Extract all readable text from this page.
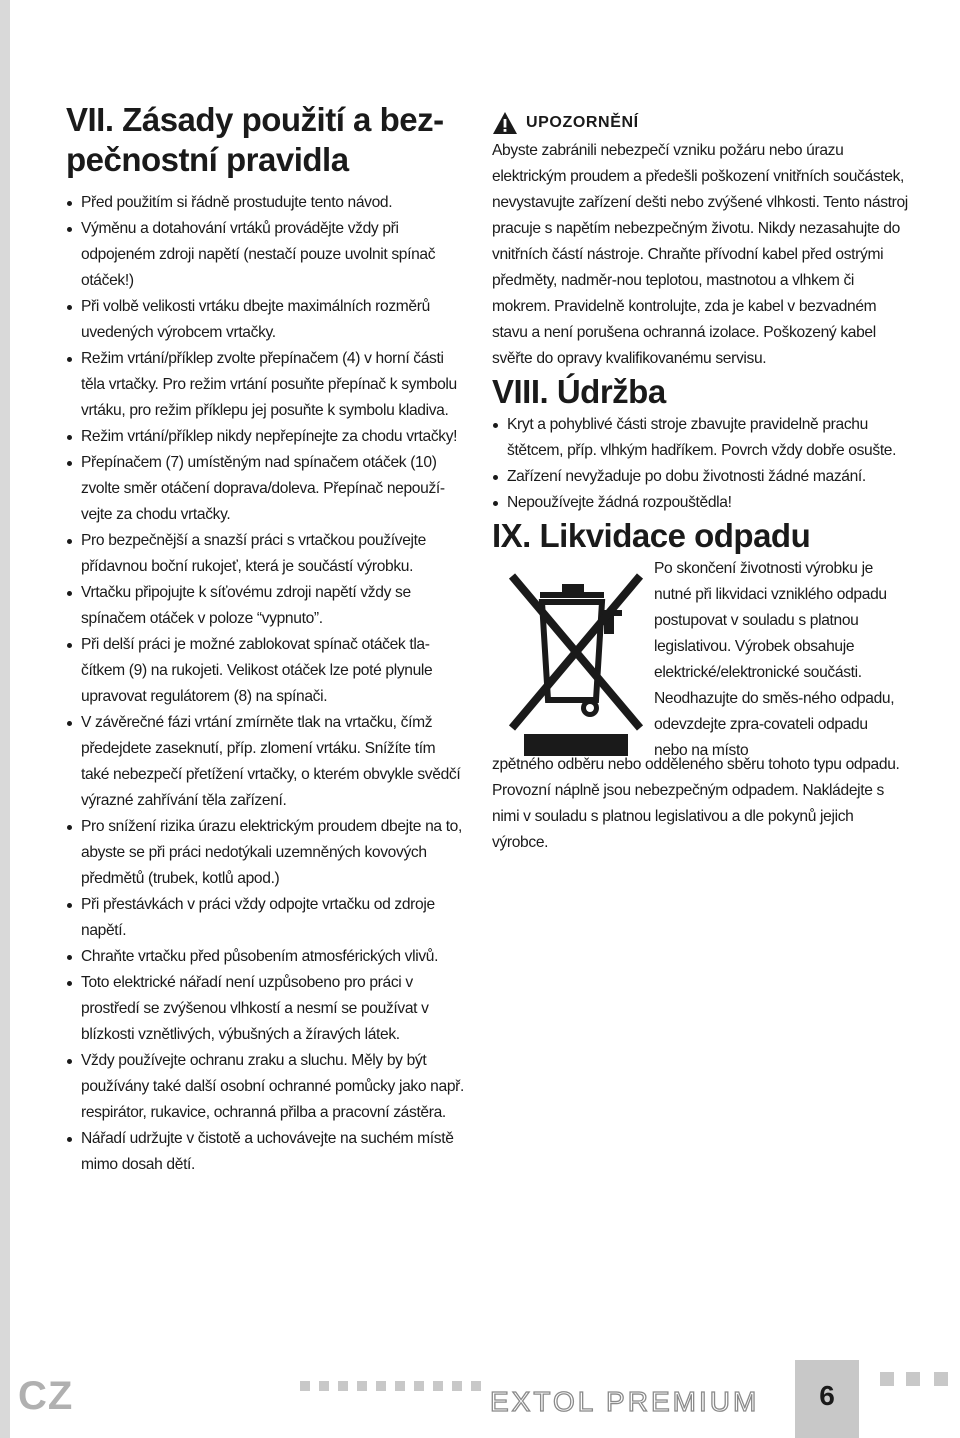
VII. Zásady použití a bez-
pečnostní pravidla
Před použitím si řádně prostudujte tento návod.
Výměnu a dotahování vrtáků provádějte vždy při odpojeném zdroji napětí (nestačí pouze uvolnit spínač otáček!)
Při volbě velikosti vrtáku dbejte maximálních rozměrů uvedených výrobcem vrtačky.
Režim vrtání/příklep zvolte přepínačem (4) v horní části těla vrtačky. Pro režim vrtání posuňte přepínač k symbolu vrtáku, pro režim příklepu jej posuňte k symbolu kladiva.
Režim vrtání/příklep nikdy nepřepínejte za chodu vrtačky!
Přepínačem (7) umístěným nad spínačem otáček (10) zvolte směr otáčení doprava/doleva. Přepínač nepouží-vejte za chodu vrtačky.
Pro bezpečnější a snazší práci s vrtačkou používejte přídavnou boční rukojeť, která je součástí výrobku.
Vrtačku připojujte k síťovému zdroji napětí vždy se spínačem otáček v poloze “vypnuto”.
Při delší práci je možné zablokovat spínač otáček tla-čítkem (9) na rukojeti. Velikost otáček lze poté plynule upravovat regulátorem (8) na spínači.
V závěrečné fázi vrtání zmírněte tlak na vrtačku, čímž předejdete zaseknutí, příp. zlomení vrtáku. Snížíte tím také nebezpečí přetížení vrtačky, o kterém obvykle svědčí výrazné zahřívání těla zařízení.
Pro snížení rizika úrazu elektrickým proudem dbejte na to, abyste se při práci nedotýkali uzemněných kovových předmětů (trubek, kotlů apod.)
Při přestávkách v práci vždy odpojte vrtačku od zdroje napětí.
Chraňte vrtačku před působením atmosférických vlivů.
Toto elektrické nářadí není uzpůsobeno pro práci v prostředí se zvýšenou vlhkostí a nesmí se používat v blízkosti vznětlivých, výbušných a žíravých látek.
Vždy používejte ochranu zraku a sluchu. Měly by být používány také další osobní ochranné pomůcky jako např. respirátor, rukavice, ochranná přilba a pracovní zástěra.
Nářadí udržujte v čistotě a uchovávejte na suchém místě mimo dosah dětí.
UPOZORNĚNÍ

Abyste zabránili nebezpečí vzniku požáru nebo úrazu elektrickým proudem a předešli poškození vnitřních součástek, nevystavujte zařízení dešti nebo zvýšené vlhkosti. Tento nástroj pracuje s napětím nebezpečným životu. Nikdy nezasahujte do vnitřních částí nástroje. Chraňte přívodní kabel před ostrými předměty, nadměr-nou teplotou, mastnotou a vlhkem či mokrem. Pravidelně kontrolujte, zda je kabel v bezvadném stavu a není porušena ochranná izolace. Poškozený kabel svěřte do opravy kvalifikovanému servisu.

VIII. Údržba
Kryt a pohyblivé části stroje zbavujte pravidelně prachu štětcem, příp. vlhkým hadříkem. Povrch vždy dobře osušte.
Zařízení nevyžaduje po dobu životnosti žádné mazání.
Nepoužívejte žádná rozpouštědla!
IX. Likvidace odpadu

Po skončení životnosti výrobku je nutné při likvidaci vzniklého odpadu postupovat v souladu s platnou legislativou. Výrobek obsahuje elektrické/elektronické součásti. Neodhazujte do směs-ného odpadu, odevzdejte zpra-covateli odpadu nebo na místo

zpětného odběru nebo odděleného sběru tohoto typu odpadu. Provozní náplně jsou nebezpečným odpadem. Nakládejte s nimi v souladu s platnou legislativou a dle pokynů jejich výrobce.

CZ	EXTOL PREMIUM	6
